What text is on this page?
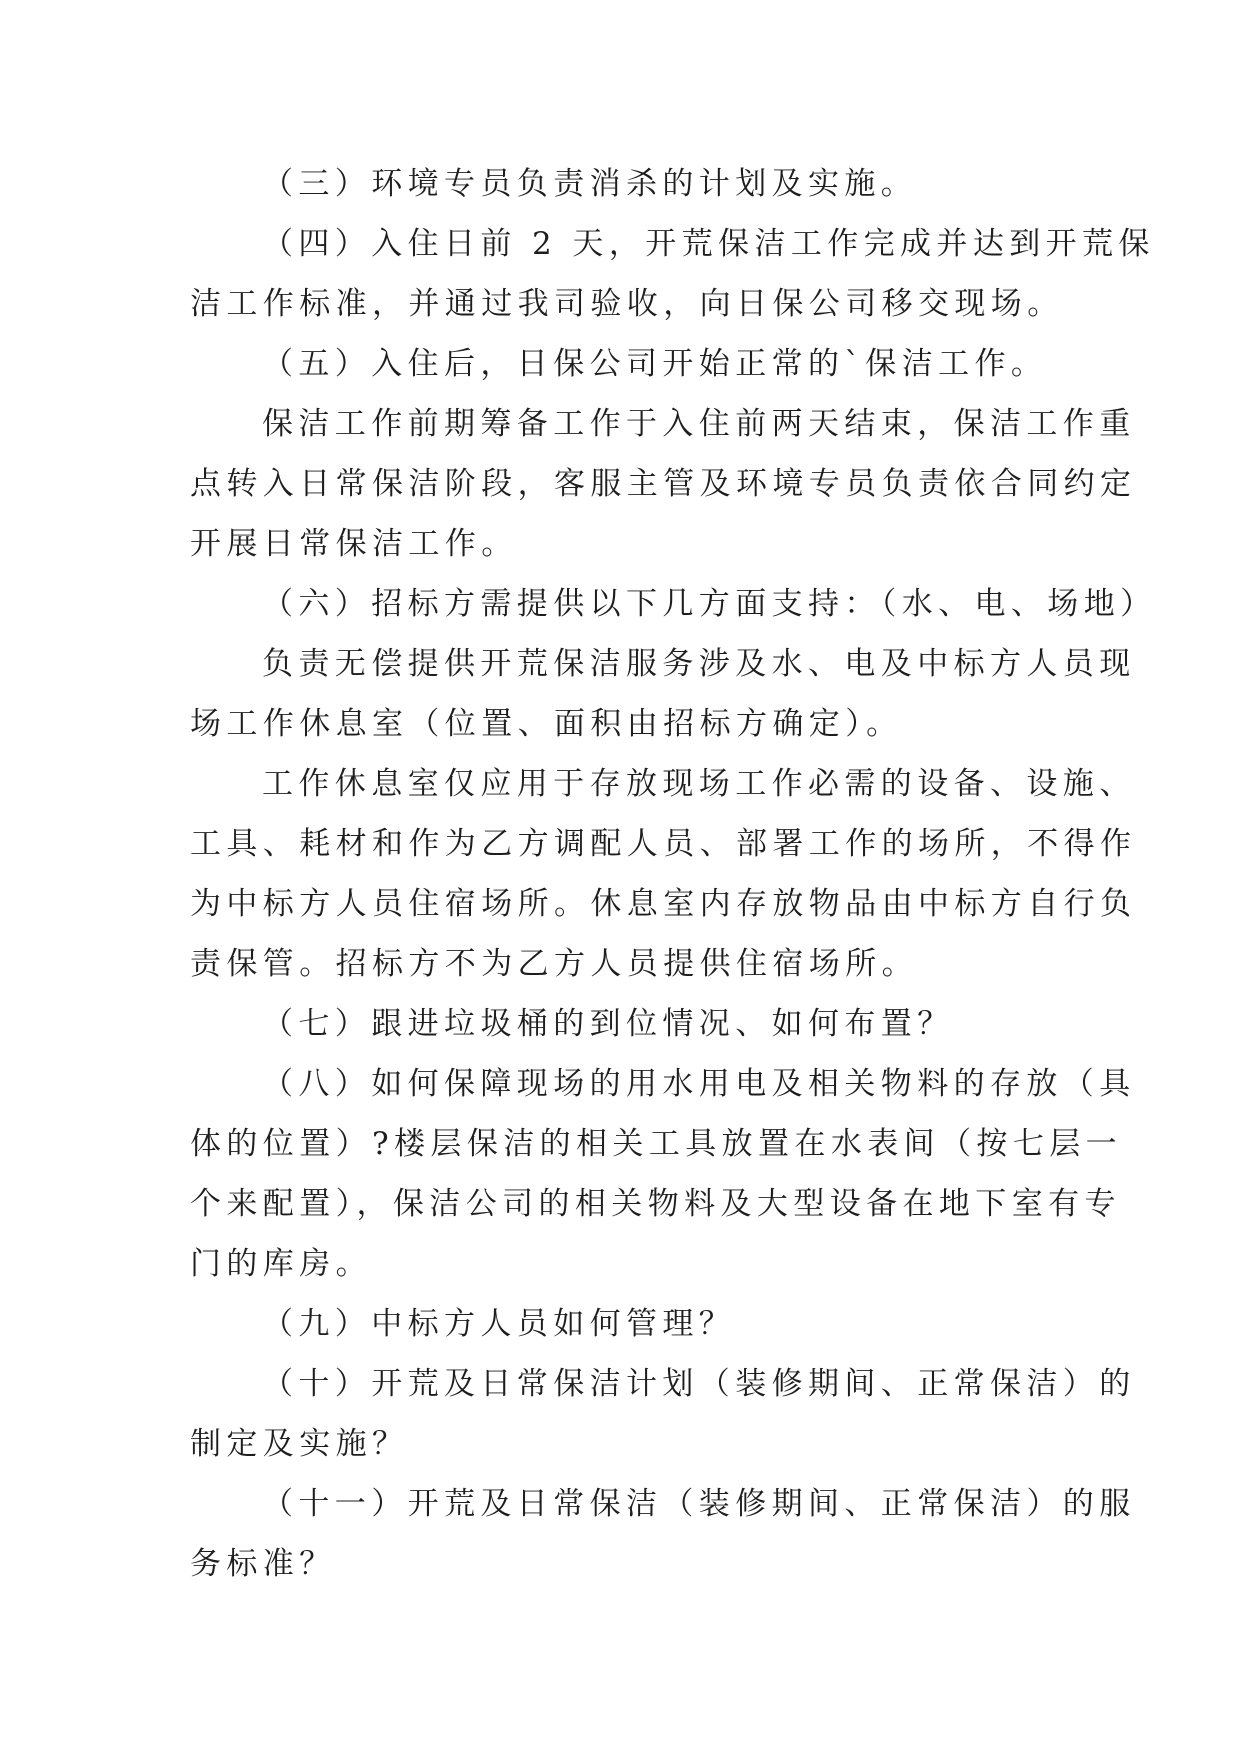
（三）环境专员负责消杀的计划及实施。
（四）入住日前 2 天，开荒保洁工作完成并达到开荒保
洁工作标准，并通过我司验收，向日保公司移交现场。
（五）入住后，日保公司开始正常的`保洁工作。
保洁工作前期筹备工作于入住前两天结束，保洁工作重
点转入日常保洁阶段，客服主管及环境专员负责依合同约定
开展日常保洁工作。
（六）招标方需提供以下几方面支持：（水、电、场地）
负责无偿提供开荒保洁服务涉及水、电及中标方人员现
场工作休息室（位置、面积由招标方确定）。
工作休息室仅应用于存放现场工作必需的设备、设施、
工具、耗材和作为乙方调配人员、部署工作的场所，不得作
为中标方人员住宿场所。休息室内存放物品由中标方自行负
责保管。招标方不为乙方人员提供住宿场所。
（七）跟进垃圾桶的到位情况、如何布置？
（八）如何保障现场的用水用电及相关物料的存放（具
体的位置）?楼层保洁的相关工具放置在水表间（按七层一
个来配置），保洁公司的相关物料及大型设备在地下室有专
门的库房。
（九）中标方人员如何管理？
（十）开荒及日常保洁计划（装修期间、正常保洁）的
制定及实施？
（十一）开荒及日常保洁（装修期间、正常保洁）的服
务标准？
